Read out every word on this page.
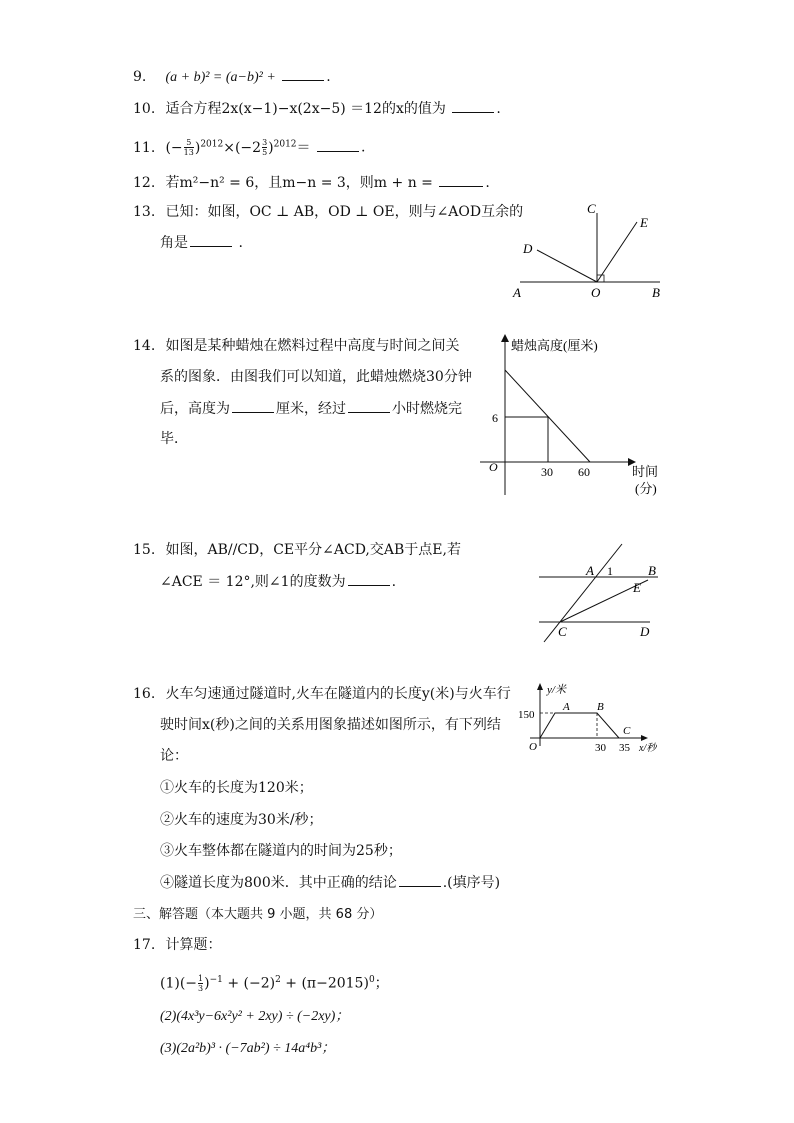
9. (a + b)² = (a−b)² +	.
10. 适合方程2x(x−1)−x(2x−5) ＝12的x的值为	.
11. (− $\frac{5}{13} )^{2012}\times(-2 \frac{3}{5} )^{2012}=$	.
12. 若m²−n² = 6，且m−n = 3，则m + n =	.
13. 已知：如图，OC ⊥ AB，OD ⊥ OE，则与∠AOD互余的
角是	.
C
E
D
A	O	B
14. 如图是某种蜡烛在燃料过程中高度与时间之间关
系的图象．由图我们可以知道，此蜡烛燃烧30分钟
后，高度为	厘米，经过	小时燃烧完
毕．
蜡烛高度(厘米)
6
O	30 60	时间
(分)
15. 如图，AB//CD，CE平分∠ACD,交AB于点E,若
∠ACE ＝ 12°,则∠1的度数为	.
A 1	B
E
C	D
16. 火车匀速通过隧道时,火车在隧道内的长度y(米)与火车行
驶时间x(秒)之间的关系用图象描述如图所示，有下列结
论：
①火车的长度为120米；
②火车的速度为30米/秒；
③火车整体都在隧道内的时间为25秒；
④隧道长度为800米．其中正确的结论	.(填序号)
y/米
150
A B
C
O	30 35 x/秒
三、解答题（本大题共 9 小题，共 68 分）
17. 计算题：
$(1)(- \frac{1}{3} )^{-1} + (-2)^2 + (\pi-2015)^0$；
(2)(4x³y−6x²y² + 2xy) ÷ (−2xy)；
(3)(2a²b)³ · (−7ab²) ÷ 14a⁴b³；
